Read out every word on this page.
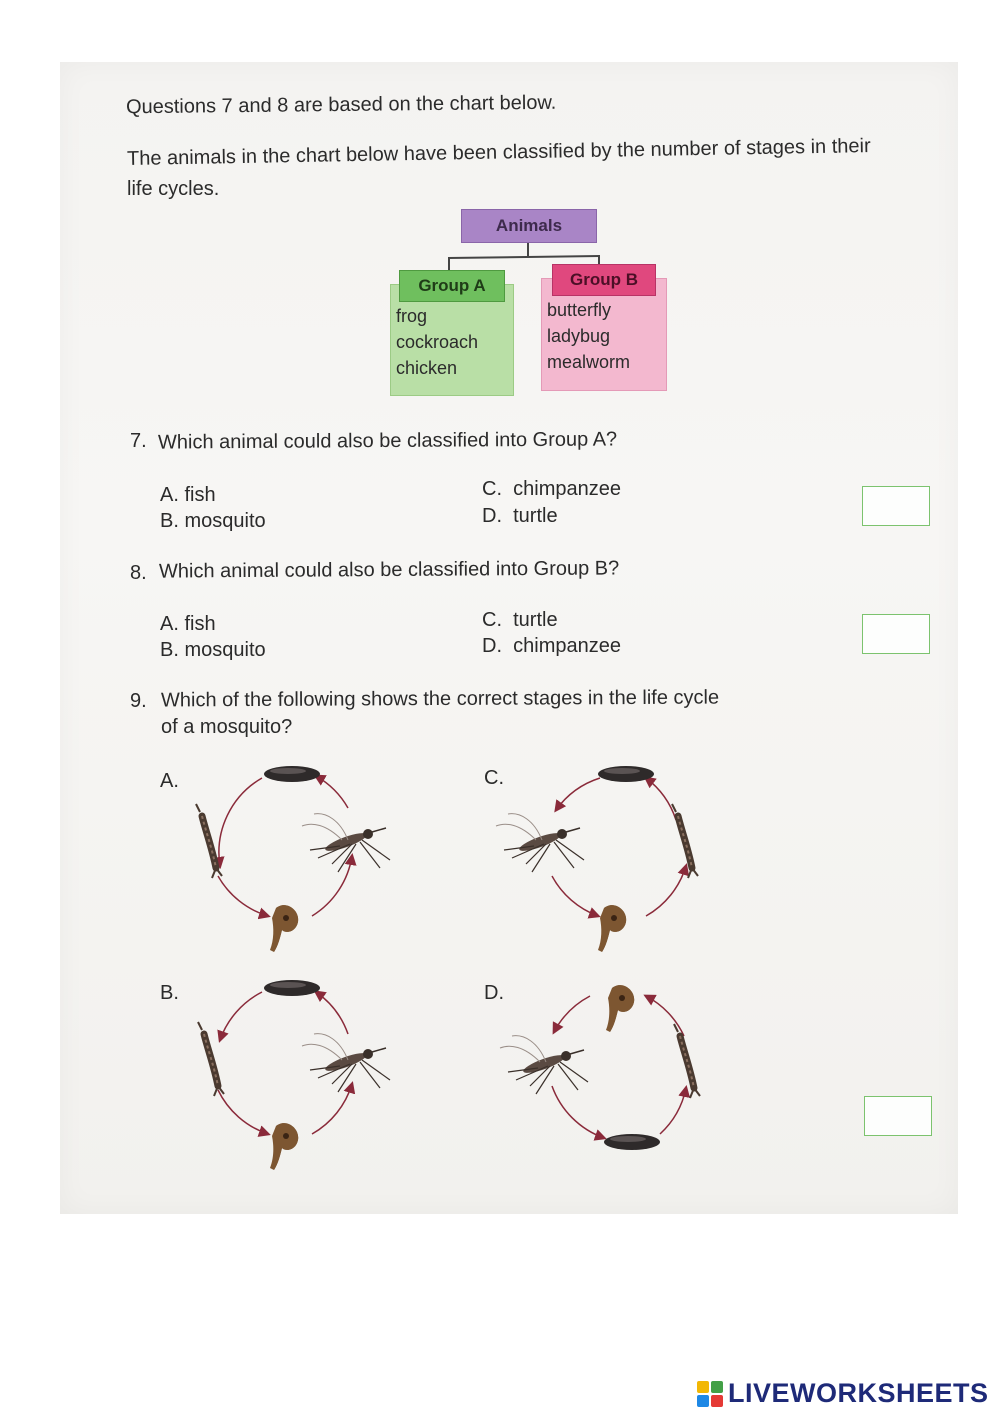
Questions 7 and 8 are based on the chart below.
The animals in the chart below have been classified by the number of stages in their
life cycles.
Animals
Group A	Group B
frog
cockroach
chicken
butterfly
ladybug
mealworm
7. Which animal could also be classified into Group A?
A. fish
B. mosquito
C. chimpanzee
D. turtle
8. Which animal could also be classified into Group B?
A. fish
B. mosquito
C. turtle
D. chimpanzee
9. Which of the following shows the correct stages in the life cycle
of a mosquito?
A.	C.
B.	D.
LIVEWORKSHEETS
